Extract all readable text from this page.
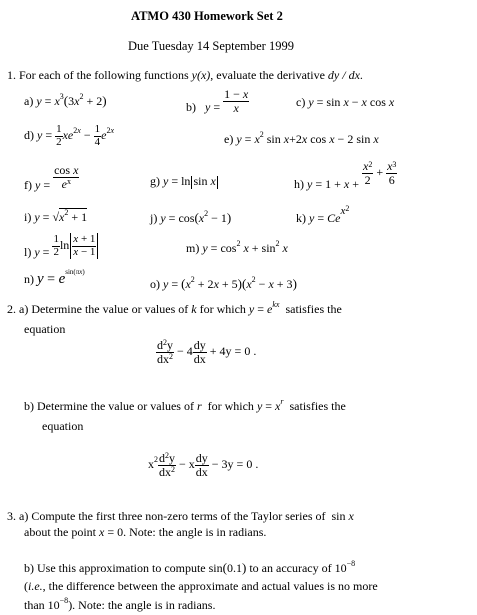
ATMO 430 Homework Set 2
Due Tuesday 14 September 1999
1. For each of the following functions y(x), evaluate the derivative dy / dx.
a) $y = x^3(3x^2 + 2)$	b) $y = \frac{1 - x}{x}$	c) y = sin x − x cos x
d) $y = \frac{1}{2} xe^{2x} - \frac{1}{4} e^{2x}$
e) $y = x^2$ sin x+2x cos x − 2 sin x
f) $y = \frac{\text{cos x}}{e^x}$	g) y = ln sin x	h) $y = 1 + x + \frac{x^2}{2} + \frac{x^3}{6}$
i) $y = √x^2 + 1$	j) $y = \cos(x^2 - 1)$	k) y = Cex$^2$
l) $y = \frac{1}{2}$ $\ln \frac{x + 1}{x - 1}$	m) $y = \cos^2 x + \sin^2 x$
n) $y = e^{sin(\pi x)}$
o) $y = (x^2 + 2x + 5)(x^2 - x + 3)$
2. a) Determine the value or values of k for which $y = e^{kx}$ satisfies the
equation
$\frac{d^2y}{dx^2} - 4 \frac{dy}{dx} + 4y = 0$ .
b) Determine the value or values of r for which $y = x^r$ satisfies the
equation
$x^2 \frac{d^2y}{dx^2} - x \frac{dy}{dx} - 3y = 0$ .
3. a) Compute the first three non-zero terms of the Taylor series of  sin x
about the point x = 0. Note: the angle is in radians.
b) Use this approximation to compute sin(0.1) to an accuracy of $10^{-8}$
(i.e., the difference between the approximate and actual values is no more
than $10^{-8}$). Note: the angle is in radians.
